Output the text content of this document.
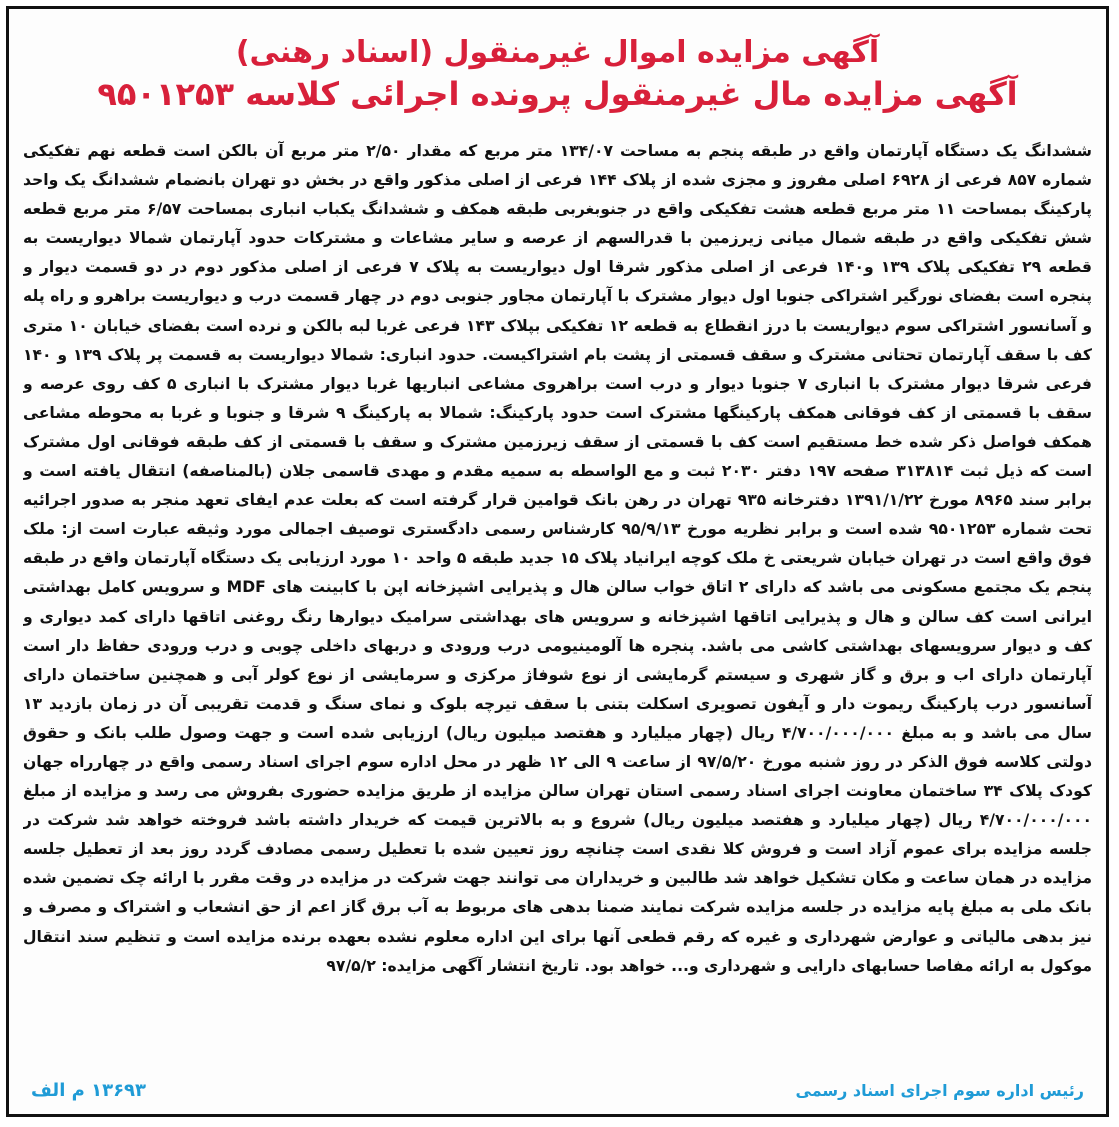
آگهی مزایده اموال غیرمنقول (اسناد رهنی)
آگهی مزایده مال غیرمنقول پرونده اجرائی کلاسه ۹۵۰۱۲۵۳

ششدانگ یک دستگاه آپارتمان واقع در طبقه پنجم به مساحت ۱۳۴/۰۷ متر مربع که مقدار ۲/۵۰ متر مربع آن بالکن است قطعه نهم تفکیکی شماره ۸۵۷ فرعی از ۶۹۲۸ اصلی مفروز و مجزی شده از پلاک ۱۴۴ فرعی از اصلی مذکور واقع در بخش دو تهران بانضمام ششدانگ یک واحد پارکینگ بمساحت ۱۱ متر مربع قطعه هشت تفکیکی واقع در جنوبغربی طبقه همکف و ششدانگ یکباب انباری بمساحت ۶/۵۷ متر مربع قطعه شش تفکیکی واقع در طبقه شمال میانی زیرزمین با قدرالسهم از عرصه و سایر مشاعات و مشترکات حدود آپارتمان شمالا دیواریست به قطعه ۲۹ تفکیکی پلاک ۱۳۹ و۱۴۰ فرعی از اصلی مذکور شرقا اول دیواریست به پلاک ۷ فرعی از اصلی مذکور دوم در دو قسمت دیوار و پنجره است بفضای نورگیر اشتراکی جنوبا اول دیوار مشترک با آپارتمان مجاور جنوبی دوم در چهار قسمت درب و دیواریست براهرو و راه پله و آسانسور اشتراکی سوم دیواریست با درز انقطاع به قطعه ۱۲ تفکیکی بپلاک ۱۴۳ فرعی غربا لبه بالکن و نرده است بفضای خیابان ۱۰ متری کف با سقف آپارتمان تحتانی مشترک و سقف قسمتی از پشت بام اشتراکیست. حدود انباری: شمالا دیواریست به قسمت پر پلاک ۱۳۹ و ۱۴۰ فرعی شرقا دیوار مشترک با انباری ۷ جنوبا دیوار و درب است براهروی مشاعی انباریها غربا دیوار مشترک با انباری ۵ کف روی عرصه و سقف با قسمتی از کف فوقانی همکف پارکینگها مشترک است حدود پارکینگ: شمالا به پارکینگ ۹ شرقا و جنوبا و غربا به محوطه مشاعی همکف فواصل ذکر شده خط مستقیم است کف با قسمتی از سقف زیرزمین مشترک و سقف با قسمتی از کف طبقه فوقانی اول مشترک است که ذیل ثبت ۳۱۳۸۱۴ صفحه ۱۹۷ دفتر ۲۰۳۰ ثبت و مع الواسطه به سمیه مقدم و مهدی قاسمی جلان (بالمناصفه) انتقال یافته است و برابر سند ۸۹۶۵ مورخ ۱۳۹۱/۱/۲۲ دفترخانه ۹۳۵ تهران در رهن بانک قوامین قرار گرفته است که بعلت عدم ایفای تعهد منجر به صدور اجرائیه تحت شماره ۹۵۰۱۲۵۳ شده است و برابر نظریه مورخ ۹۵/۹/۱۳ کارشناس رسمی دادگستری توصیف اجمالی مورد وثیقه عبارت است از: ملک فوق واقع است در تهران خیابان شریعتی خ ملک کوچه ایرانیاد پلاک ۱۵ جدید طبقه ۵ واحد ۱۰ مورد ارزیابی یک دستگاه آپارتمان واقع در طبقه پنجم یک مجتمع مسکونی می باشد که دارای ۲ اتاق خواب سالن هال و پذیرایی اشپزخانه اپن با کابینت های MDF و سرویس کامل بهداشتی ایرانی است کف سالن و هال و پذیرایی اتاقها اشپزخانه و سرویس های بهداشتی سرامیک دیوارها رنگ روغنی اتاقها دارای کمد دیواری و کف و دیوار سرویسهای بهداشتی کاشی می باشد. پنجره ها آلومینیومی درب ورودی و دربهای داخلی چوبی و درب ورودی حفاظ دار است آپارتمان دارای اب و برق و گاز شهری و سیستم گرمایشی از نوع شوفاژ مرکزی و سرمایشی از نوع کولر آبی و همچنین ساختمان دارای آسانسور درب پارکینگ ریموت دار و آیفون تصویری اسکلت بتنی با سقف تیرچه بلوک و نمای سنگ و قدمت تقریبی آن در زمان بازدید ۱۳ سال می باشد و به مبلغ ۴/۷۰۰/۰۰۰/۰۰۰ ریال (چهار میلیارد و هفتصد میلیون ریال) ارزیابی شده است و جهت وصول طلب بانک و حقوق دولتی کلاسه فوق الذکر در روز شنبه مورخ ۹۷/۵/۲۰ از ساعت ۹ الی ۱۲ ظهر در محل اداره سوم اجرای اسناد رسمی واقع در چهارراه جهان کودک پلاک ۳۴ ساختمان معاونت اجرای اسناد رسمی استان تهران سالن مزایده از طریق مزایده حضوری بفروش می رسد و مزایده از مبلغ ۴/۷۰۰/۰۰۰/۰۰۰ ریال (چهار میلیارد و هفتصد میلیون ریال) شروع و به بالاترین قیمت که خریدار داشته باشد فروخته خواهد شد شرکت در جلسه مزایده برای عموم آزاد است و فروش کلا نقدی است چنانچه روز تعیین شده با تعطیل رسمی مصادف گردد روز بعد از تعطیل جلسه مزایده در همان ساعت و مکان تشکیل خواهد شد طالبین و خریداران می توانند جهت شرکت در مزایده در وقت مقرر با ارائه چک تضمین شده بانک ملی به مبلغ پایه مزایده در جلسه مزایده شرکت نمایند ضمنا بدهی های مربوط به آب برق گاز اعم از حق انشعاب و اشتراک و مصرف و نیز بدهی مالیاتی و عوارض شهرداری و غیره که رقم قطعی آنها برای این اداره معلوم نشده بعهده برنده مزایده است و تنظیم سند انتقال موکول به ارائه مفاصا حسابهای دارایی و شهرداری و... خواهد بود. تاریخ انتشار آگهی مزایده: ۹۷/۵/۲

رئیس اداره سوم اجرای اسناد رسمی
۱۳۶۹۳ م الف
